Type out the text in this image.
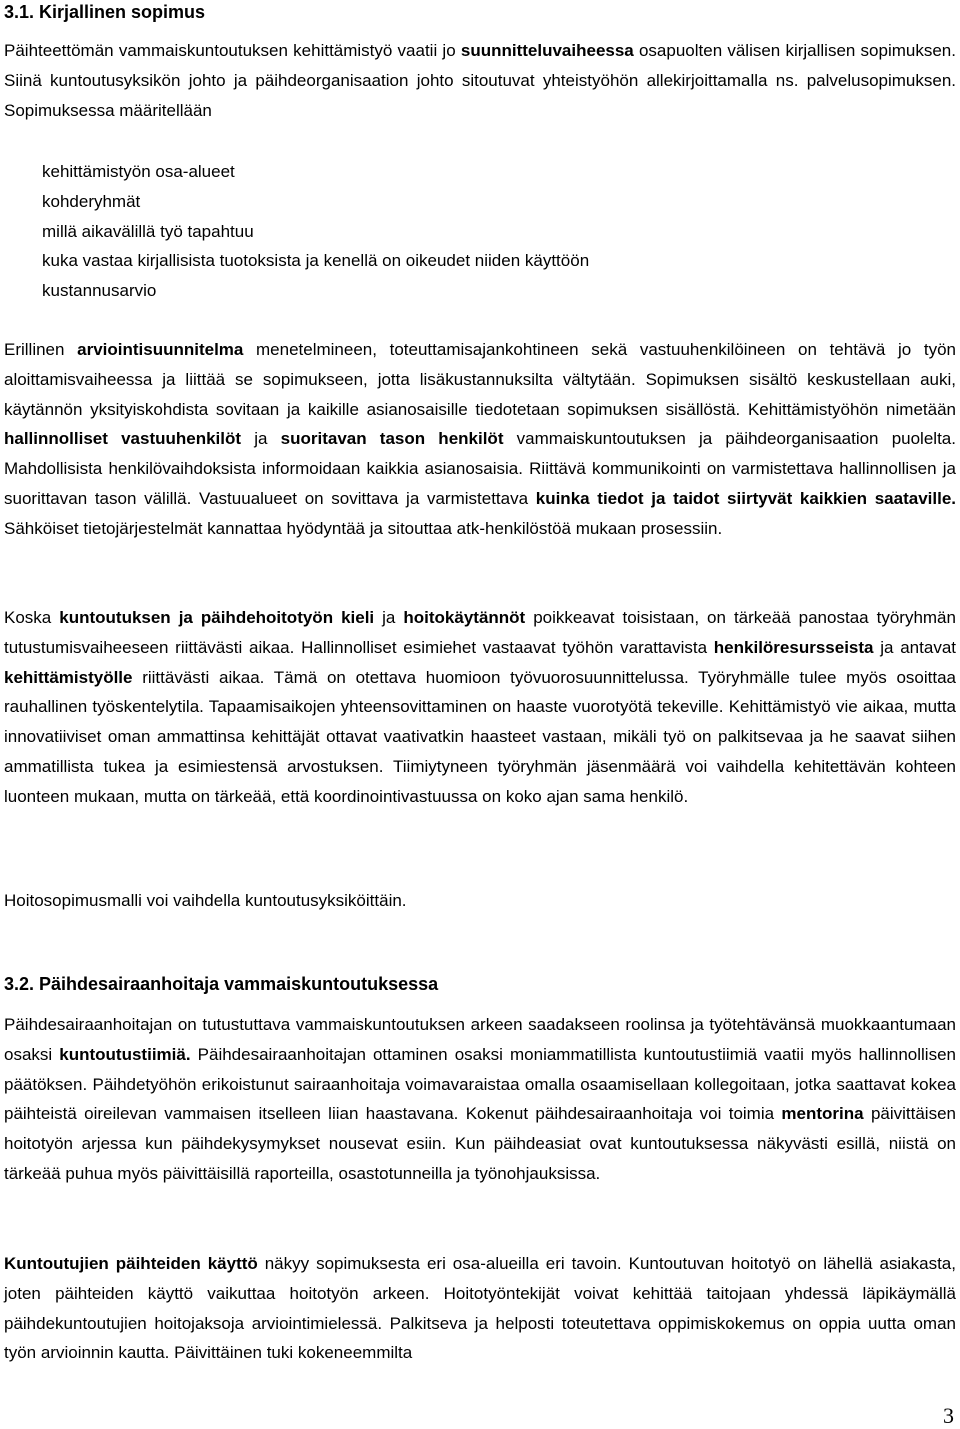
3.1. Kirjallinen sopimus

Päihteettömän vammaiskuntoutuksen kehittämistyö vaatii jo suunnitteluvaiheessa osapuolten välisen kirjallisen sopimuksen. Siinä kuntoutusyksikön johto ja päihdeorganisaation johto sitoutuvat yhteistyöhön allekirjoittamalla ns. palvelusopimuksen. Sopimuksessa määritellään

kehittämistyön osa-alueet
kohderyhmät
millä aikavälillä työ tapahtuu
kuka vastaa kirjallisista tuotoksista ja kenellä on oikeudet niiden käyttöön
kustannusarvio

Erillinen arviointisuunnitelma menetelmineen, toteuttamisajankohtineen sekä vastuuhenkilöineen on tehtävä jo työn aloittamisvaiheessa ja liittää se sopimukseen, jotta lisäkustannuksilta vältytään. Sopimuksen sisältö keskustellaan auki, käytännön yksityiskohdista sovitaan ja kaikille asianosaisille tiedotetaan sopimuksen sisällöstä. Kehittämistyöhön nimetään hallinnolliset vastuuhenkilöt ja suoritavan tason henkilöt vammaiskuntoutuksen ja päihdeorganisaation puolelta. Mahdollisista henkilövaihdoksista informoidaan kaikkia asianosaisia. Riittävä kommunikointi on varmistettava hallinnollisen ja suorittavan tason välillä. Vastuualueet on sovittava ja varmistettava kuinka tiedot ja taidot siirtyvät kaikkien saataville. Sähköiset tietojärjestelmät kannattaa hyödyntää ja sitouttaa atk-henkilöstöä mukaan prosessiin.

Koska kuntoutuksen ja päihdehoitotyön kieli ja hoitokäytännöt poikkeavat toisistaan, on tärkeää panostaa työryhmän tutustumisvaiheeseen riittävästi aikaa. Hallinnolliset esimiehet vastaavat työhön varattavista henkilöresursseista ja antavat kehittämistyölle riittävästi aikaa. Tämä on otettava huomioon työvuorosuunnittelussa. Työryhmälle tulee myös osoittaa rauhallinen työskentelytila. Tapaamisaikojen yhteensovittaminen on haaste vuorotyötä tekeville. Kehittämistyö vie aikaa, mutta innovatiiviset oman ammattinsa kehittäjät ottavat vaativatkin haasteet vastaan, mikäli työ on palkitsevaa ja he saavat siihen ammatillista tukea ja esimiestensä arvostuksen. Tiimiytyneen työryhmän jäsenmäärä voi vaihdella kehitettävän kohteen luonteen mukaan, mutta on tärkeää, että koordinointivastuussa on koko ajan sama henkilö.

Hoitosopimusmalli voi vaihdella kuntoutusyksiköittäin.

3.2. Päihdesairaanhoitaja vammaiskuntoutuksessa

Päihdesairaanhoitajan on tutustuttava vammaiskuntoutuksen arkeen saadakseen roolinsa ja työtehtävänsä muokkaantumaan osaksi kuntoutustiimiä. Päihdesairaanhoitajan ottaminen osaksi moniammatillista kuntoutustiimiä vaatii myös hallinnollisen päätöksen. Päihdetyöhön erikoistunut sairaanhoitaja voimavaraistaa omalla osaamisellaan kollegoitaan, jotka saattavat kokea päihteistä oireilevan vammaisen itselleen liian haastavana. Kokenut päihdesairaanhoitaja voi toimia mentorina päivittäisen hoitotyön arjessa kun päihdekysymykset nousevat esiin. Kun päihdeasiat ovat kuntoutuksessa näkyvästi esillä, niistä on tärkeää puhua myös päivittäisillä raporteilla, osastotunneilla ja työnohjauksissa.

Kuntoutujien päihteiden käyttö näkyy sopimuksesta eri osa-alueilla eri tavoin. Kuntoutuvan hoitotyö on lähellä asiakasta, joten päihteiden käyttö vaikuttaa hoitotyön arkeen. Hoitotyöntekijät voivat kehittää taitojaan yhdessä läpikäymällä päihdekuntoutujien hoitojaksoja arviointimielessä. Palkitseva ja helposti toteutettava oppimiskokemus on oppia uutta oman työn arvioinnin kautta. Päivittäinen tuki kokeneemmilta

3
